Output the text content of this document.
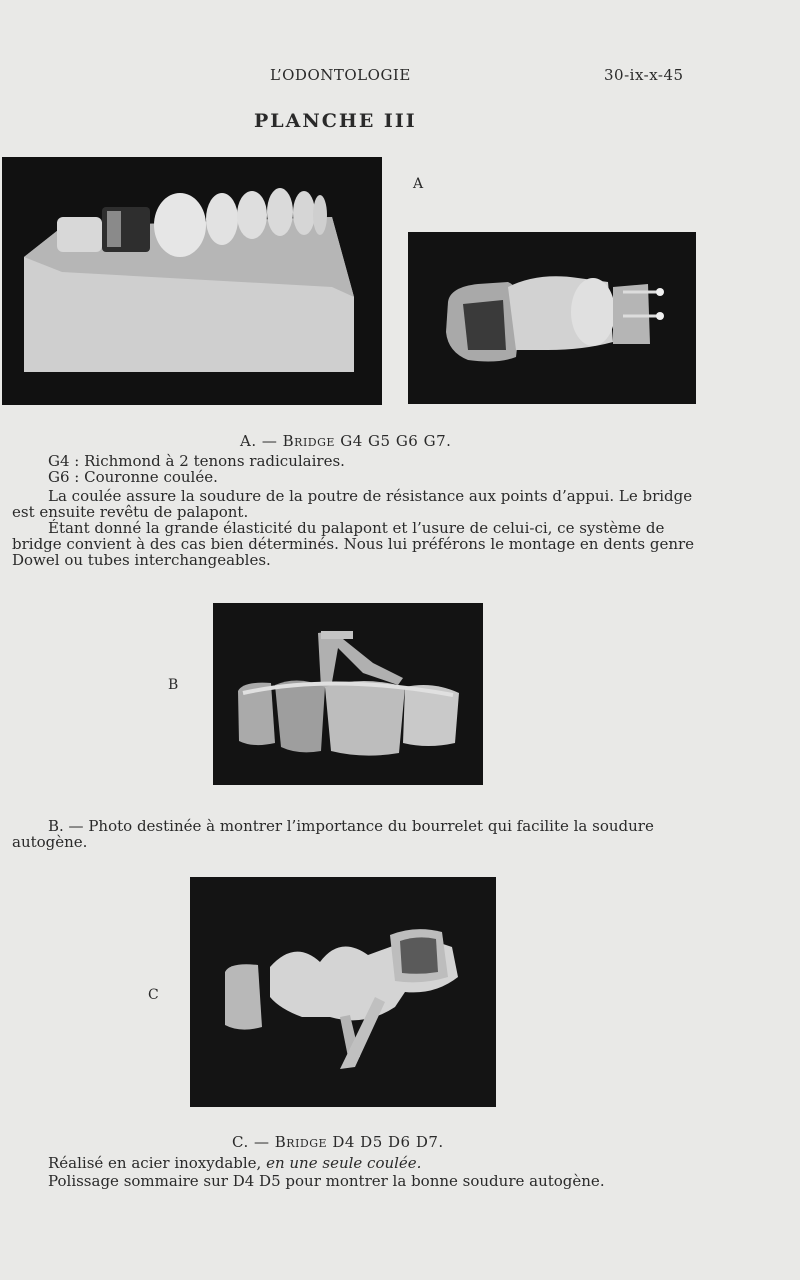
L’ODONTOLOGIE	30-ix-x-45
PLANCHE III
A
A. — Bridge G4 G5 G6 G7.
G4 : Richmond à 2 tenons radiculaires.
G6 : Couronne coulée.
La coulée assure la soudure de la poutre de résistance aux points d’appui. Le bridge
est ensuite revêtu de palapont.
Étant donné la grande élasticité du palapont et l’usure de celui-ci, ce système de
bridge convient à des cas bien déterminés. Nous lui préférons le montage en dents genre
Dowel ou tubes interchangeables.
B
B. — Photo destinée à montrer l’importance du bourrelet qui facilite la soudure
autogène.
C
C. — Bridge D4 D5 D6 D7.
Réalisé en acier inoxydable, en une seule coulée.
Polissage sommaire sur D4 D5 pour montrer la bonne soudure autogène.
